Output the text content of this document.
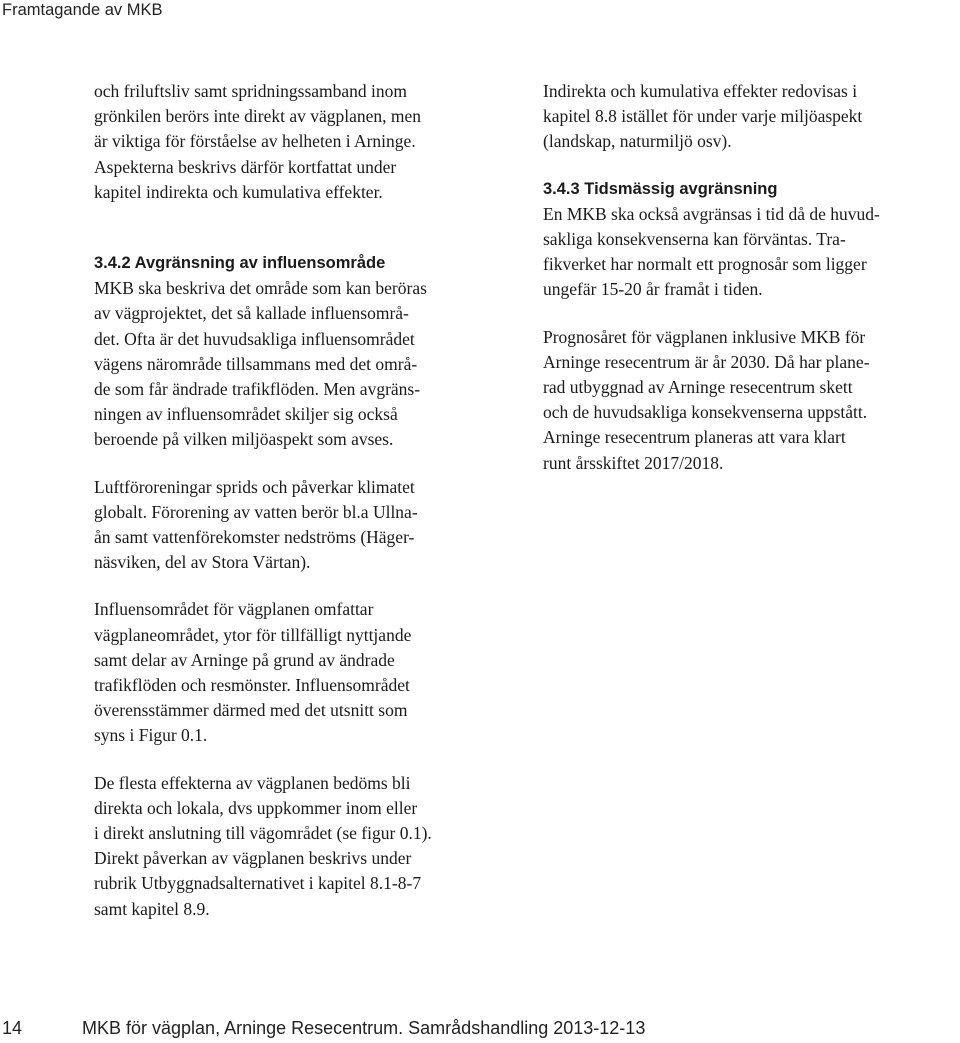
Framtagande av MKB
och friluftsliv samt spridningssamband inom
grönkilen berörs inte direkt av vägplanen, men
är viktiga för förståelse av helheten i Arninge.
Aspekterna beskrivs därför kortfattat under
kapitel indirekta och kumulativa effekter.
3.4.2 Avgränsning av influensområde
MKB ska beskriva det område som kan beröras
av vägprojektet, det så kallade influensområ-
det. Ofta är det huvudsakliga influensområdet
vägens närområde tillsammans med det områ-
de som får ändrade trafikflöden. Men avgräns-
ningen av influensområdet skiljer sig också
beroende på vilken miljöaspekt som avses.
Luftföroreningar sprids och påverkar klimatet
globalt. Förorening av vatten berör bl.a Ullna-
ån samt vattenförekomster nedströms (Häger-
näsviken, del av Stora Värtan).
Influensområdet för vägplanen omfattar
vägplaneområdet, ytor för tillfälligt nyttjande
samt delar av Arninge på grund av ändrade
trafikflöden och resmönster. Influensområdet
överensstämmer därmed med det utsnitt som
syns i Figur 0.1.
De flesta effekterna av vägplanen bedöms bli
direkta och lokala, dvs uppkommer inom eller
i direkt anslutning till vägområdet (se figur 0.1).
Direkt påverkan av vägplanen beskrivs under
rubrik Utbyggnadsalternativet i kapitel 8.1-8-7
samt kapitel 8.9.
Indirekta och kumulativa effekter redovisas i
kapitel 8.8 istället för under varje miljöaspekt
(landskap, naturmiljö osv).
3.4.3 Tidsmässig avgränsning
En MKB ska också avgränsas i tid då de huvud-
sakliga konsekvenserna kan förväntas. Tra-
fikverket har normalt ett prognosår som ligger
ungefär 15-20 år framåt i tiden.
Prognosåret för vägplanen inklusive MKB för
Arninge resecentrum är år 2030. Då har plane-
rad utbyggnad av Arninge resecentrum skett
och de huvudsakliga konsekvenserna uppstått.
Arninge resecentrum planeras att vara klart
runt årsskiftet 2017/2018.
14	MKB för vägplan, Arninge Resecentrum. Samrådshandling 2013-12-13
